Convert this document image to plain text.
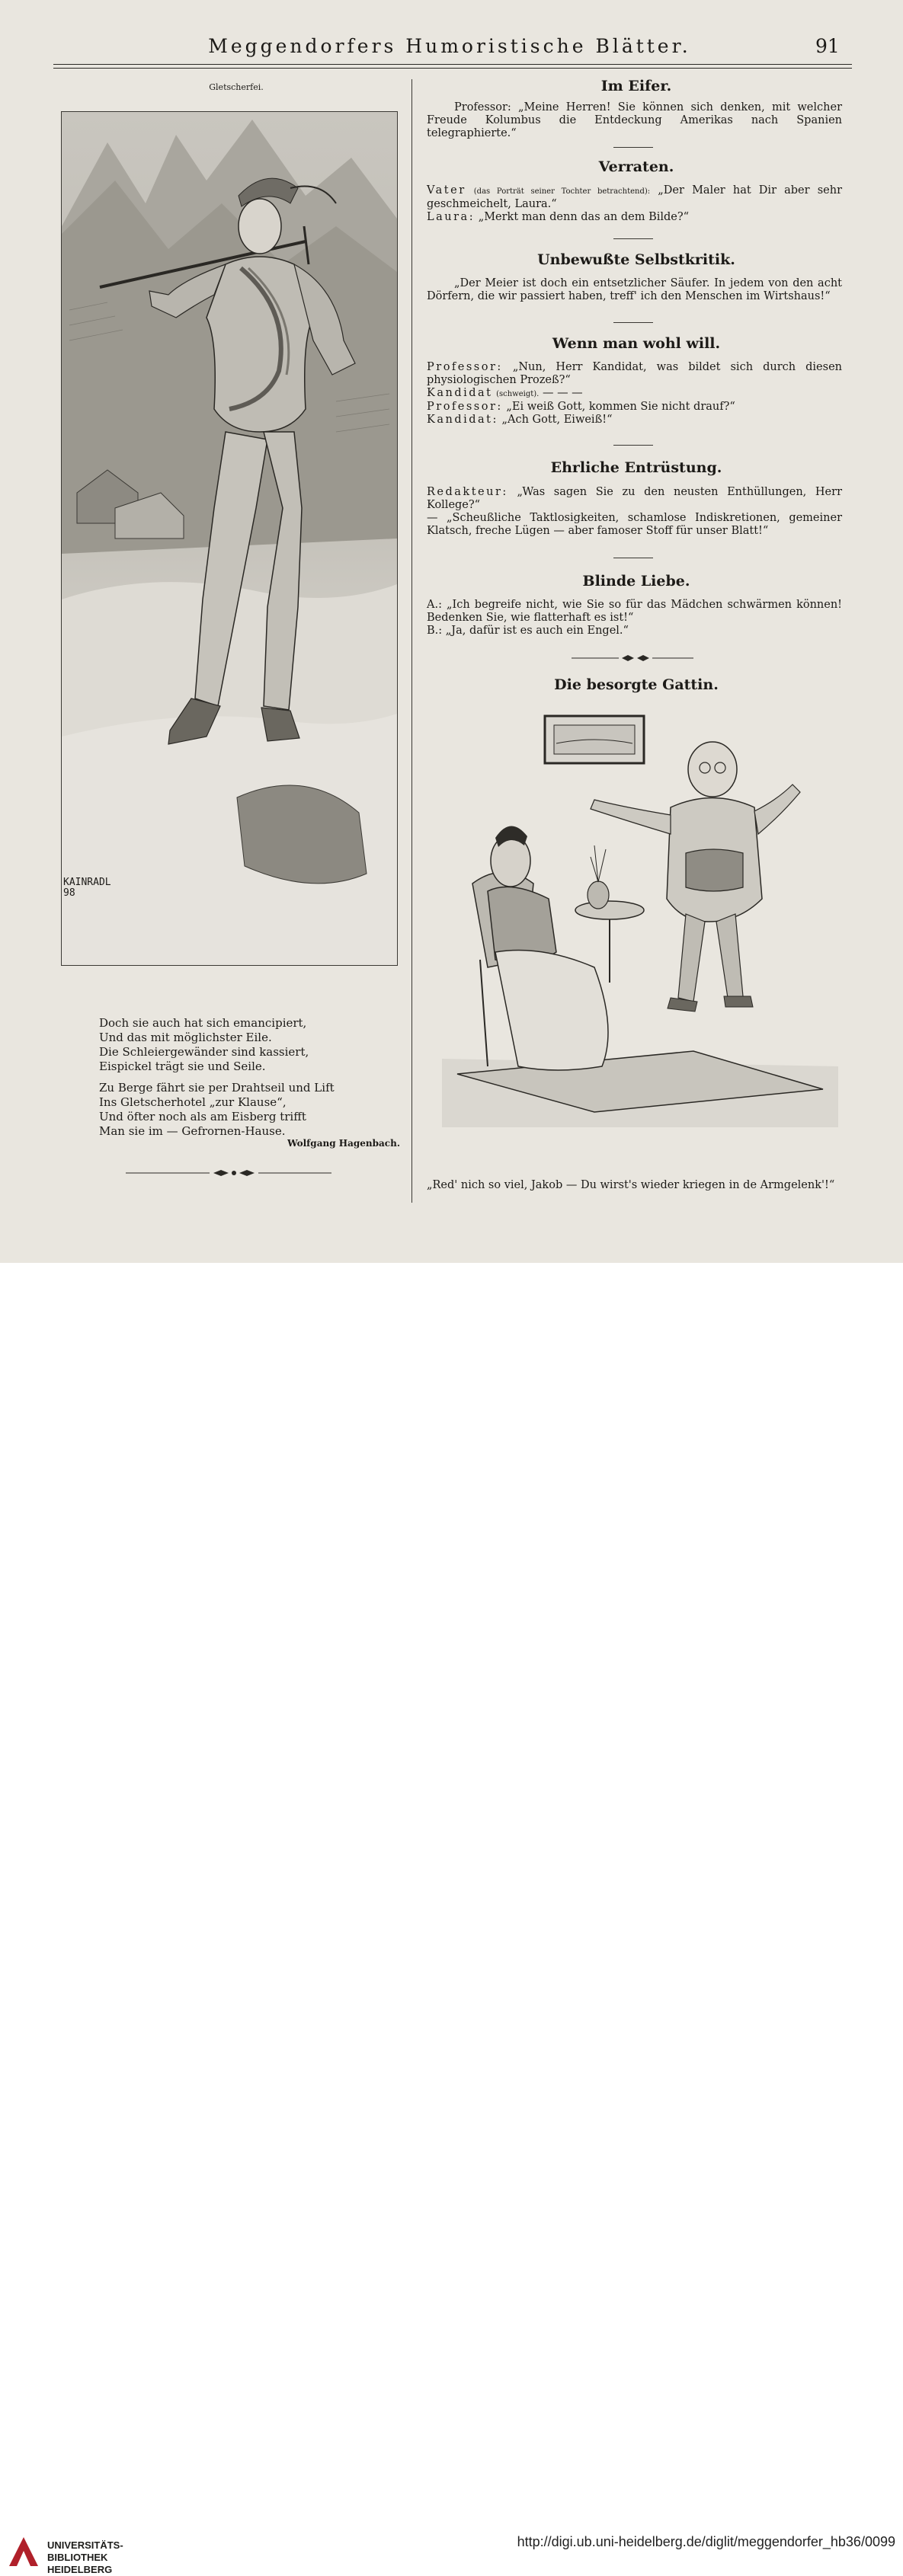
Meggendorfers Humoristische Blätter.	91
Gletscherfei.
KAINRADL
98
Doch sie auch hat sich emancipiert,
Und das mit möglichster Eile.
Die Schleiergewänder sind kassiert,
Eispickel trägt sie und Seile.
Zu Berge fährt sie per Drahtseil und Lift
Ins Gletscherhotel „zur Klause“,
Und öfter noch als am Eisberg trifft
Man sie im — Gefrornen-Hause.
Wolfgang Hagenbach.
Im Eifer.
Professor: „Meine Herren! Sie können sich denken, mit welcher Freude Kolumbus die Entdeckung Amerikas nach Spanien telegraphierte.“
Verraten.
Vater (das Porträt seiner Tochter betrachtend): „Der Maler hat Dir aber sehr geschmeichelt, Laura.“
Laura: „Merkt man denn das an dem Bilde?“
Unbewußte Selbstkritik.
„Der Meier ist doch ein entsetzlicher Säufer. In jedem von den acht Dörfern, die wir passiert haben, treff' ich den Menschen im Wirtshaus!“
Wenn man wohl will.
Professor: „Nun, Herr Kandidat, was bildet sich durch diesen physiologischen Prozeß?“
Kandidat (schweigt). — — —
Professor: „Ei weiß Gott, kommen Sie nicht drauf?“
Kandidat: „Ach Gott, Eiweiß!“
Ehrliche Entrüstung.
Redakteur: „Was sagen Sie zu den neusten Enthüllungen, Herr Kollege?“
— „Scheußliche Taktlosigkeiten, schamlose Indiskretionen, gemeiner Klatsch, freche Lügen — aber famoser Stoff für unser Blatt!“
Blinde Liebe.
A.: „Ich begreife nicht, wie Sie so für das Mädchen schwärmen können! Bedenken Sie, wie flatterhaft es ist!“
B.: „Ja, dafür ist es auch ein Engel.“
Die besorgte Gattin.
„Red' nich so viel, Jakob — Du wirst's wieder kriegen in de Armgelenk'!“
UNIVERSITÄTS-
BIBLIOTHEK
HEIDELBERG
http://digi.ub.uni-heidelberg.de/diglit/meggendorfer_hb36/0099
